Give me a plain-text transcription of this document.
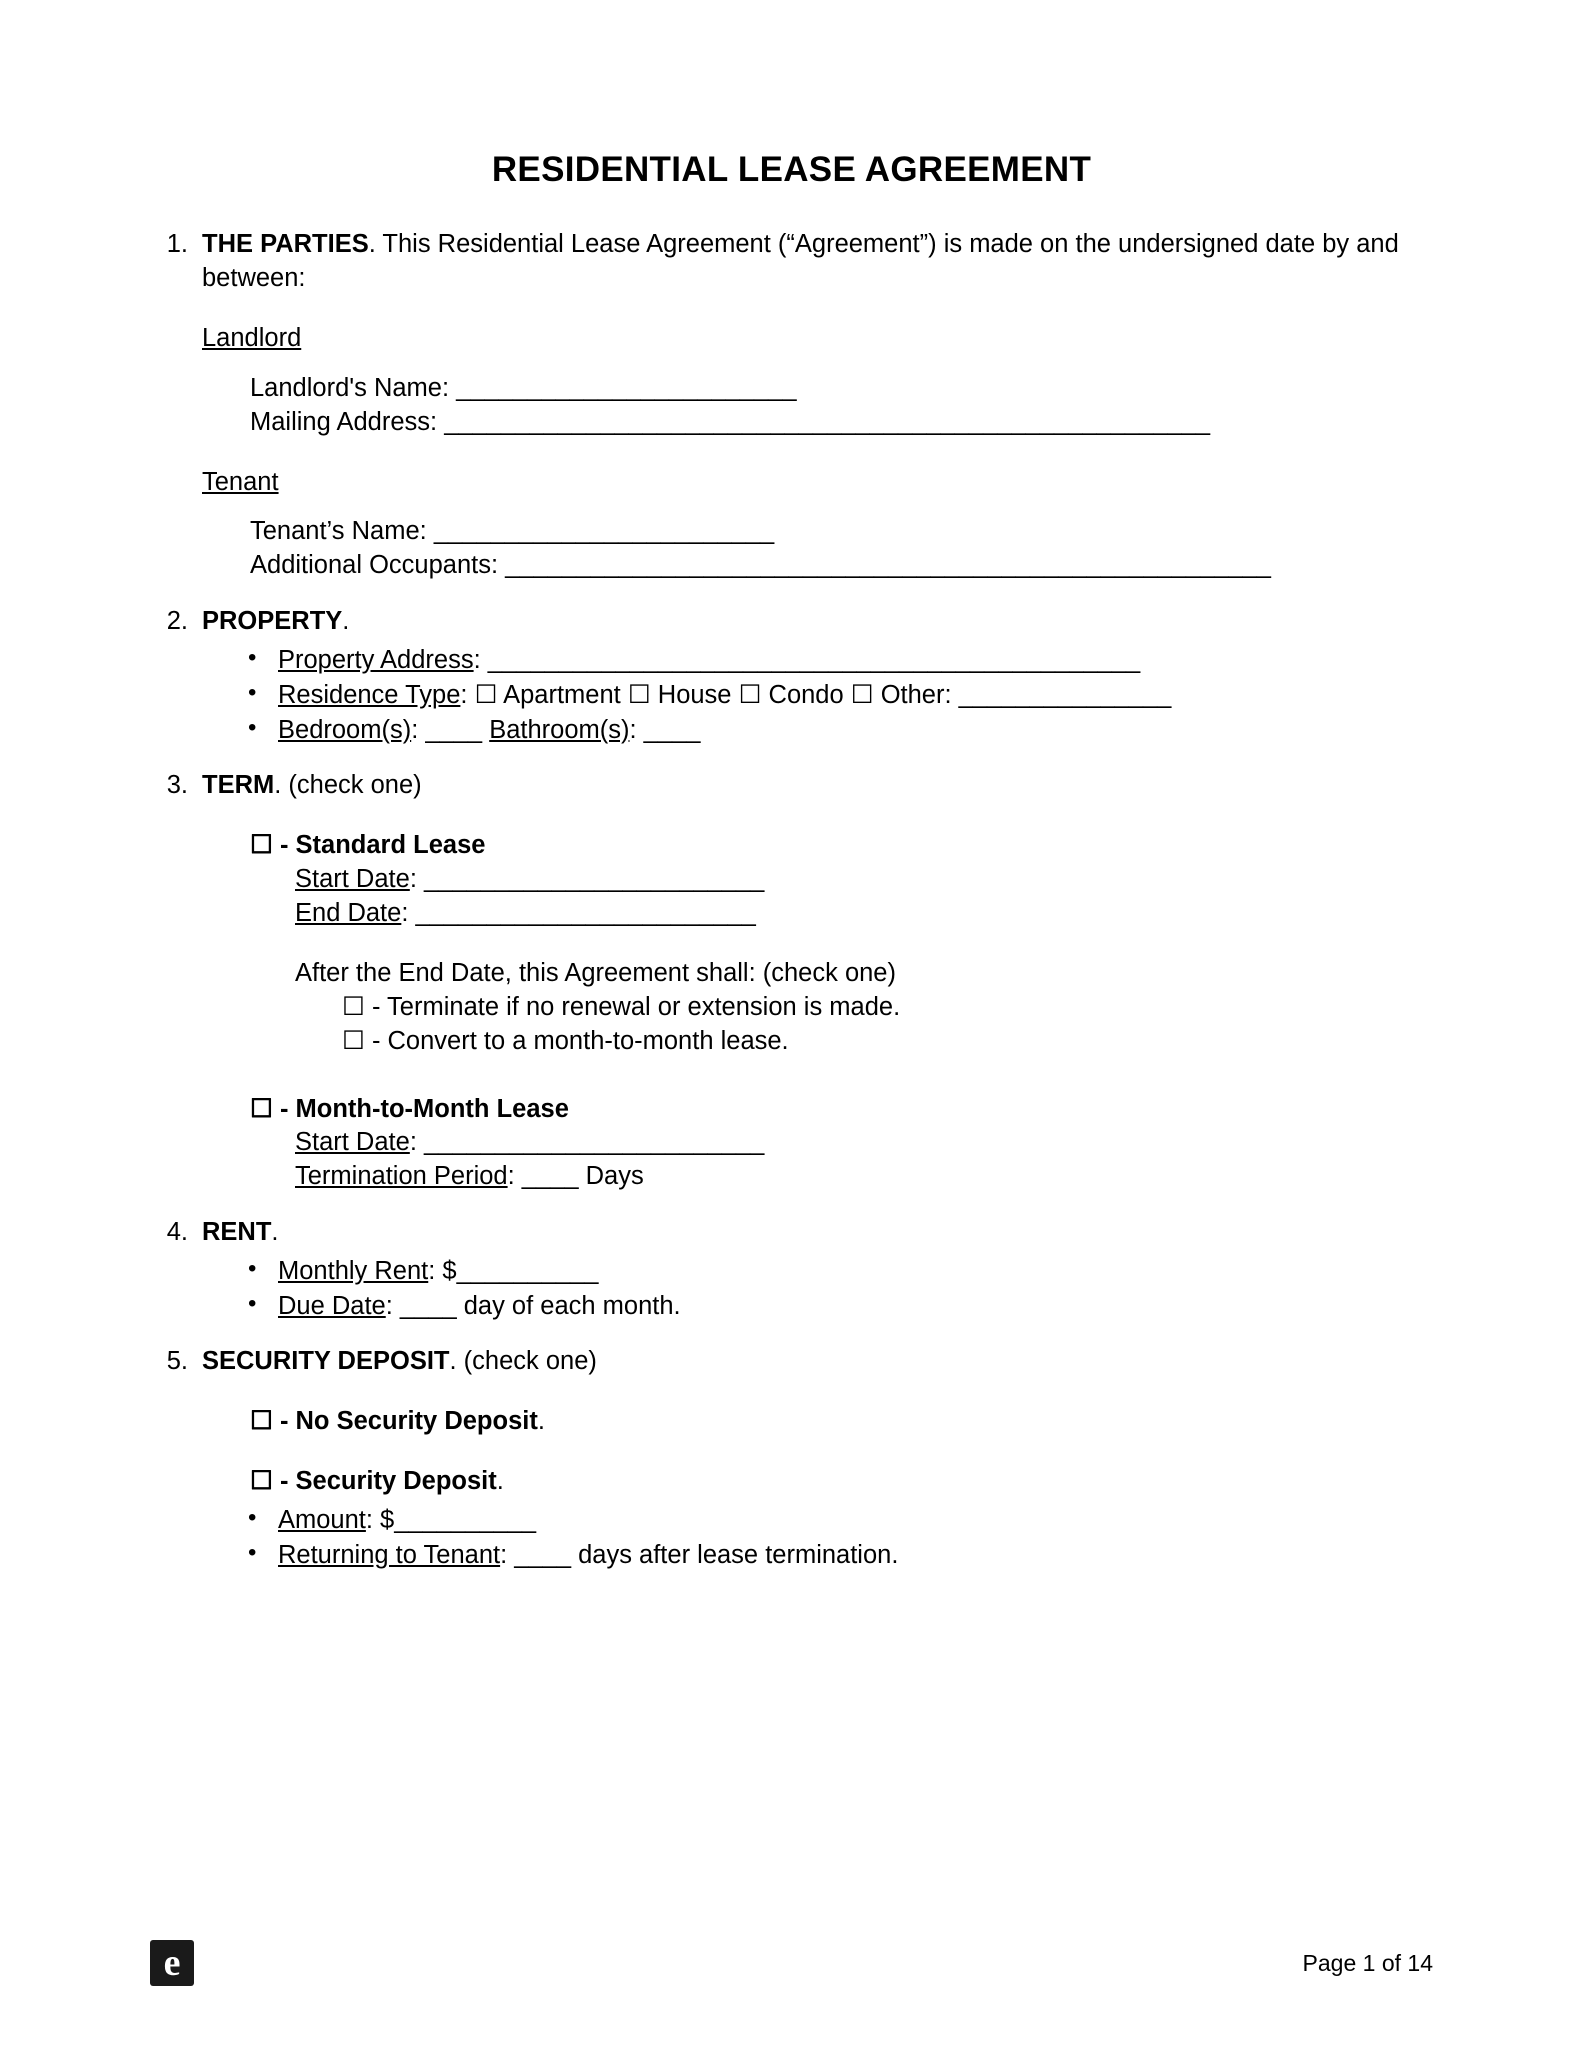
RESIDENTIAL LEASE AGREEMENT
1. THE PARTIES. This Residential Lease Agreement (“Agreement”) is made on the undersigned date by and between:
Landlord
Landlord's Name: ________________________
Mailing Address: ______________________________________________________
Tenant
Tenant’s Name: ________________________
Additional Occupants: ______________________________________________________
2. PROPERTY.
• Property Address: ______________________________________________
• Residence Type: ☐ Apartment ☐ House ☐ Condo ☐ Other: _______________
• Bedroom(s): ____ Bathroom(s): ____
3. TERM. (check one)
☐ - Standard Lease
Start Date: ________________________
End Date: ________________________
After the End Date, this Agreement shall: (check one)
☐ - Terminate if no renewal or extension is made.
☐ - Convert to a month-to-month lease.
☐ - Month-to-Month Lease
Start Date: ________________________
Termination Period: ____ Days
4. RENT.
• Monthly Rent: $__________
• Due Date: ____ day of each month.
5. SECURITY DEPOSIT. (check one)
☐ - No Security Deposit.
☐ - Security Deposit.
• Amount: $__________
• Returning to Tenant: ____ days after lease termination.
e	Page 1 of 14
